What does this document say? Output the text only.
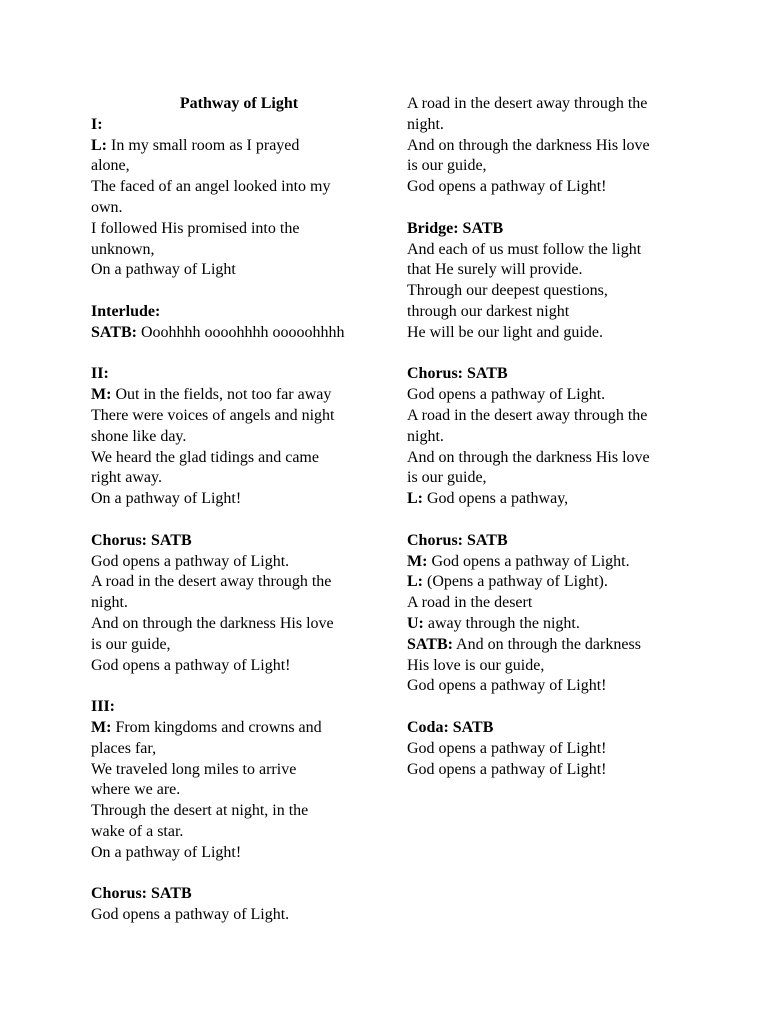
Pathway of Light
I:
L: In my small room as I prayed
alone,
The faced of an angel looked into my
own.
I followed His promised into the
unknown,
On a pathway of Light
Interlude:
SATB: Ooohhhh oooohhhh ooooohhhh
II:
M: Out in the fields, not too far away
There were voices of angels and night
shone like day.
We heard the glad tidings and came
right away.
On a pathway of Light!
Chorus: SATB
God opens a pathway of Light.
A road in the desert away through the
night.
And on through the darkness His love
is our guide,
God opens a pathway of Light!
III:
M: From kingdoms and crowns and
places far,
We traveled long miles to arrive
where we are.
Through the desert at night, in the
wake of a star.
On a pathway of Light!
Chorus: SATB
God opens a pathway of Light.
A road in the desert away through the
night.
And on through the darkness His love
is our guide,
God opens a pathway of Light!
Bridge: SATB
And each of us must follow the light
that He surely will provide.
Through our deepest questions,
through our darkest night
He will be our light and guide.
Chorus: SATB
God opens a pathway of Light.
A road in the desert away through the
night.
And on through the darkness His love
is our guide,
L: God opens a pathway,
Chorus: SATB
M: God opens a pathway of Light.
L: (Opens a pathway of Light).
A road in the desert
U: away through the night.
SATB: And on through the darkness
His love is our guide,
God opens a pathway of Light!
Coda: SATB
God opens a pathway of Light!
God opens a pathway of Light!
